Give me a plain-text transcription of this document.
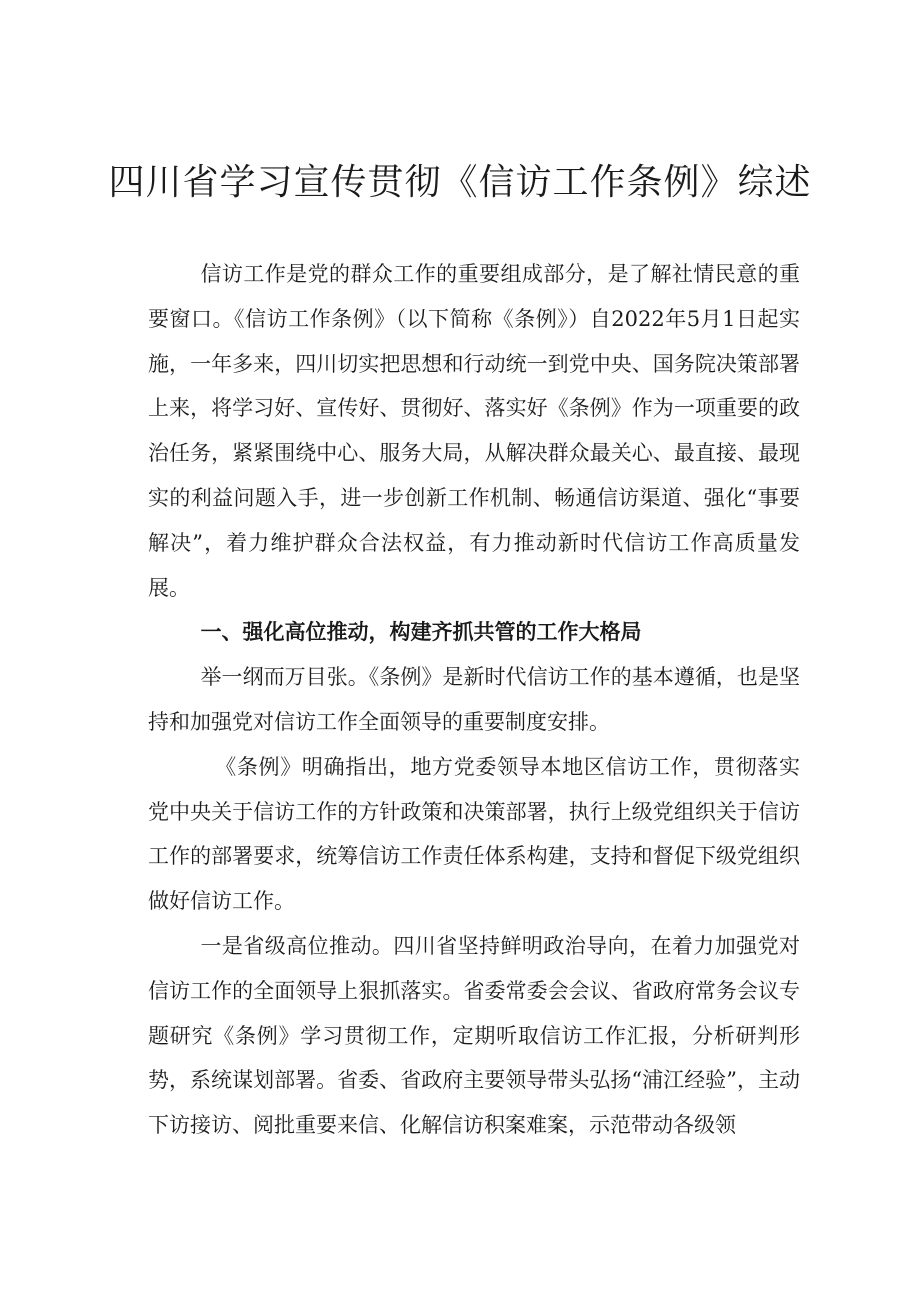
四川省学习宣传贯彻《信访工作条例》综述

信访工作是党的群众工作的重要组成部分，是了解社情民意的重要窗口。《信访工作条例》（以下简称《条例》）自2022年5月1日起实施，一年多来，四川切实把思想和行动统一到党中央、国务院决策部署上来，将学习好、宣传好、贯彻好、落实好《条例》作为一项重要的政治任务，紧紧围绕中心、服务大局，从解决群众最关心、最直接、最现实的利益问题入手，进一步创新工作机制、畅通信访渠道、强化“事要解决”，着力维护群众合法权益，有力推动新时代信访工作高质量发展。

一、强化高位推动，构建齐抓共管的工作大格局

举一纲而万目张。《条例》是新时代信访工作的基本遵循，也是坚持和加强党对信访工作全面领导的重要制度安排。

《条例》明确指出，地方党委领导本地区信访工作，贯彻落实党中央关于信访工作的方针政策和决策部署，执行上级党组织关于信访工作的部署要求，统筹信访工作责任体系构建，支持和督促下级党组织做好信访工作。

一是省级高位推动。四川省坚持鲜明政治导向，在着力加强党对信访工作的全面领导上狠抓落实。省委常委会会议、省政府常务会议专题研究《条例》学习贯彻工作，定期听取信访工作汇报，分析研判形势，系统谋划部署。省委、省政府主要领导带头弘扬“浦江经验”，主动下访接访、阅批重要来信、化解信访积案难案，示范带动各级领
